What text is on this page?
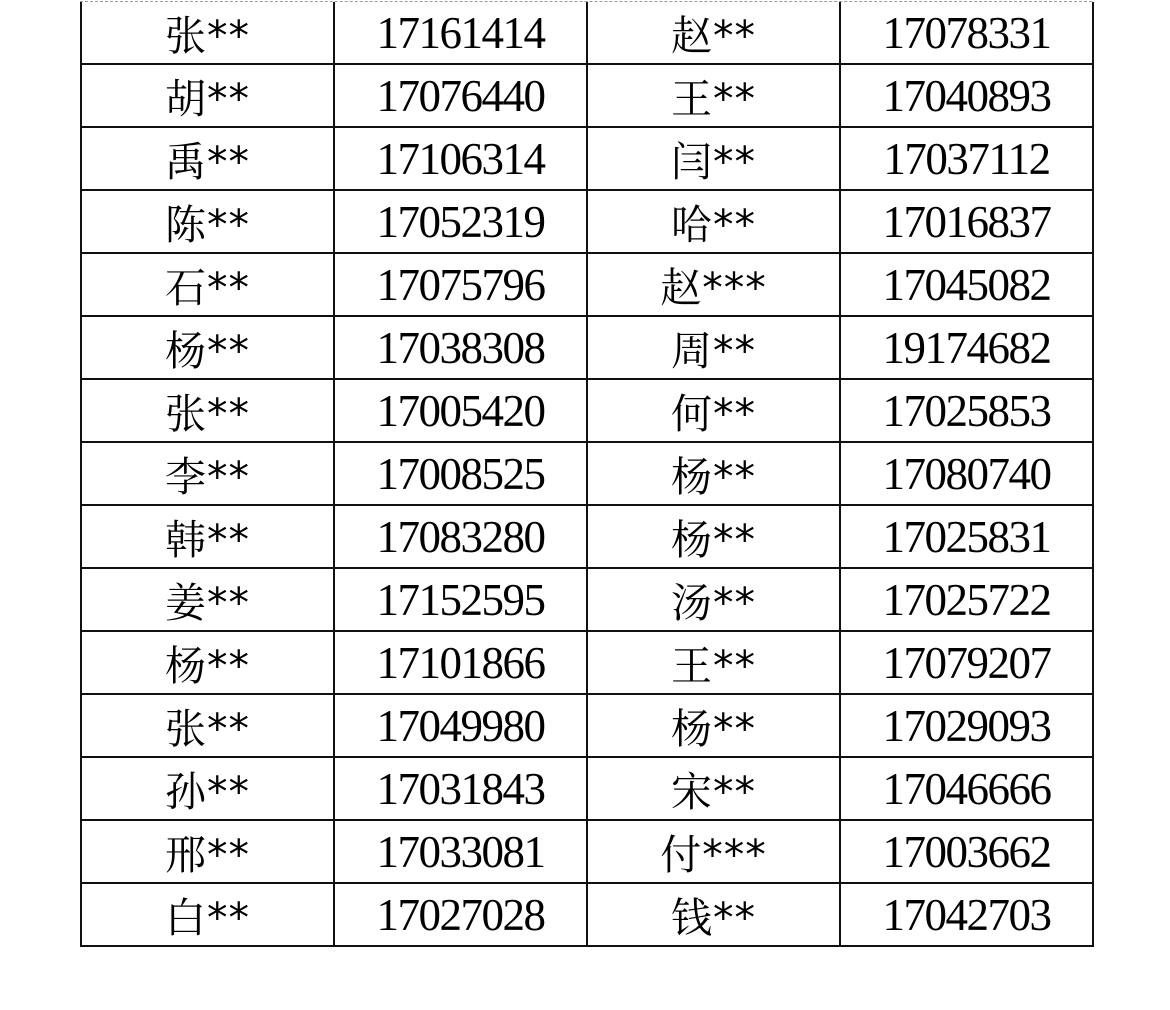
张**	17161414	赵**	17078331
胡**	17076440	王**	17040893
禹**	17106314	闫**	17037112
陈**	17052319	哈**	17016837
石**	17075796	赵***	17045082
杨**	17038308	周**	19174682
张**	17005420	何**	17025853
李**	17008525	杨**	17080740
韩**	17083280	杨**	17025831
姜**	17152595	汤**	17025722
杨**	17101866	王**	17079207
张**	17049980	杨**	17029093
孙**	17031843	宋**	17046666
邢**	17033081	付***	17003662
白**	17027028	钱**	17042703
